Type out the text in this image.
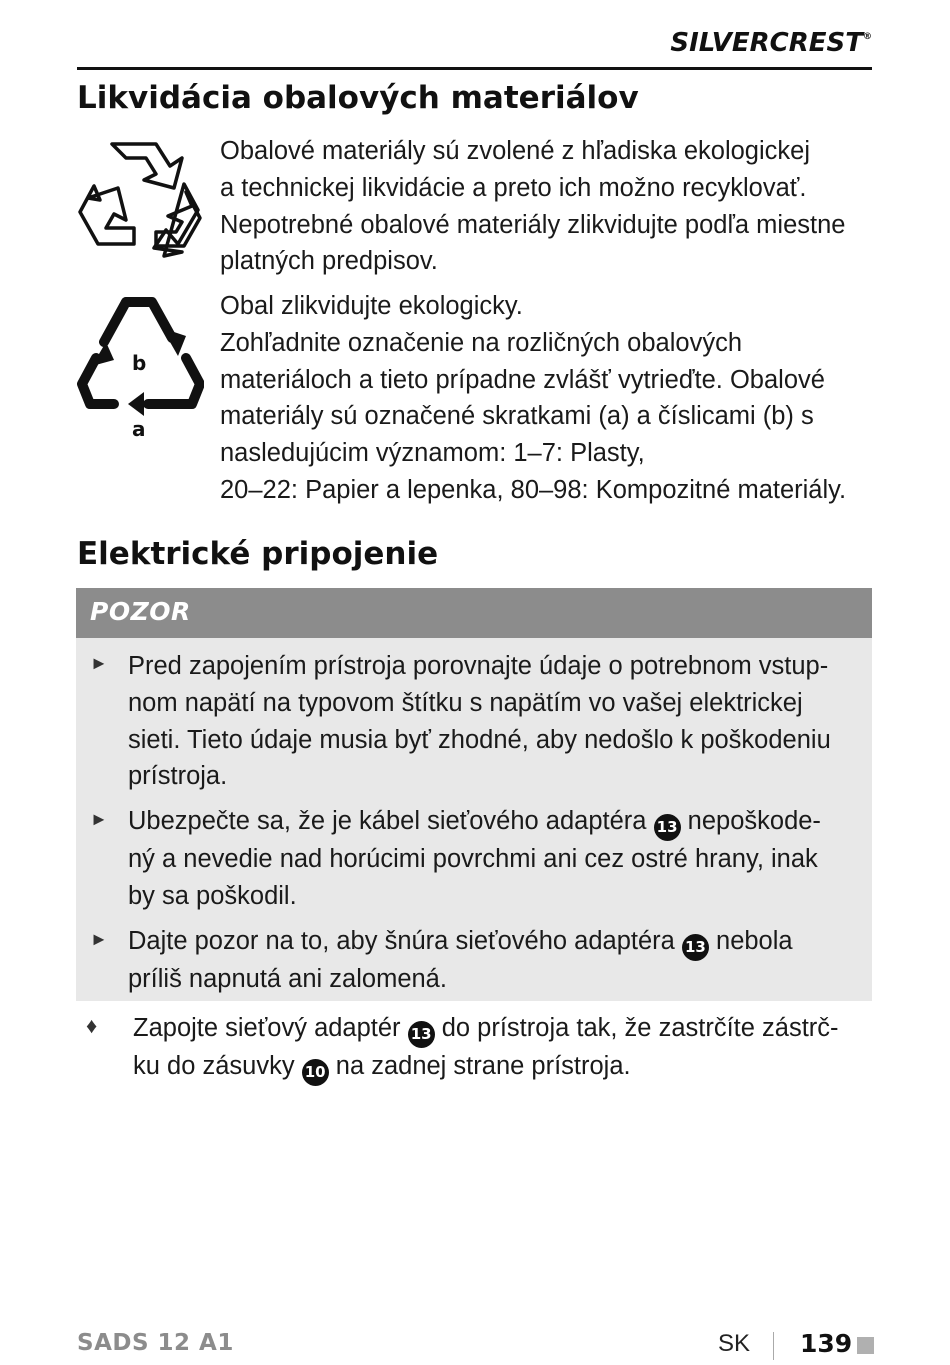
SILVERCREST®
Likvidácia obalových materiálov

Obalové materiály sú zvolené z hľadiska ekologickej

a technickej likvidácie a preto ich možno recyklovať.

Nepotrebné obalové materiály zlikvidujte podľa miestne

platných predpisov.

b
a

Obal zlikvidujte ekologicky.

Zohľadnite označenie na rozličných obalových

materiáloch a tieto prípadne zvlášť vytrieďte. Obalové

materiály sú označené skratkami (a) a číslicami (b) s

nasledujúcim významom: 1–7: Plasty,

20–22: Papier a lepenka, 80–98: Kompozitné materiály.

Elektrické pripojenie
POZOR
► Pred zapojením prístroja porovnajte údaje o potrebnom vstup-

nom napätí na typovom štítku s napätím vo vašej elektrickej

sieti. Tieto údaje musia byť zhodné, aby nedošlo k poškodeniu

prístroja.

► Ubezpečte sa, že je kábel sieťového adaptéra 13 nepoškode-

ný a nevedie nad horúcimi povrchmi ani cez ostré hrany, inak

by sa poškodil.

► Dajte pozor na to, aby šnúra sieťového adaptéra 13 nebola

príliš napnutá ani zalomená.

♦ Zapojte sieťový adaptér 13 do prístroja tak, že zastrčíte zástrč-

ku do zásuvky 10 na zadnej strane prístroja.

SADS 12 A1	SK 139
